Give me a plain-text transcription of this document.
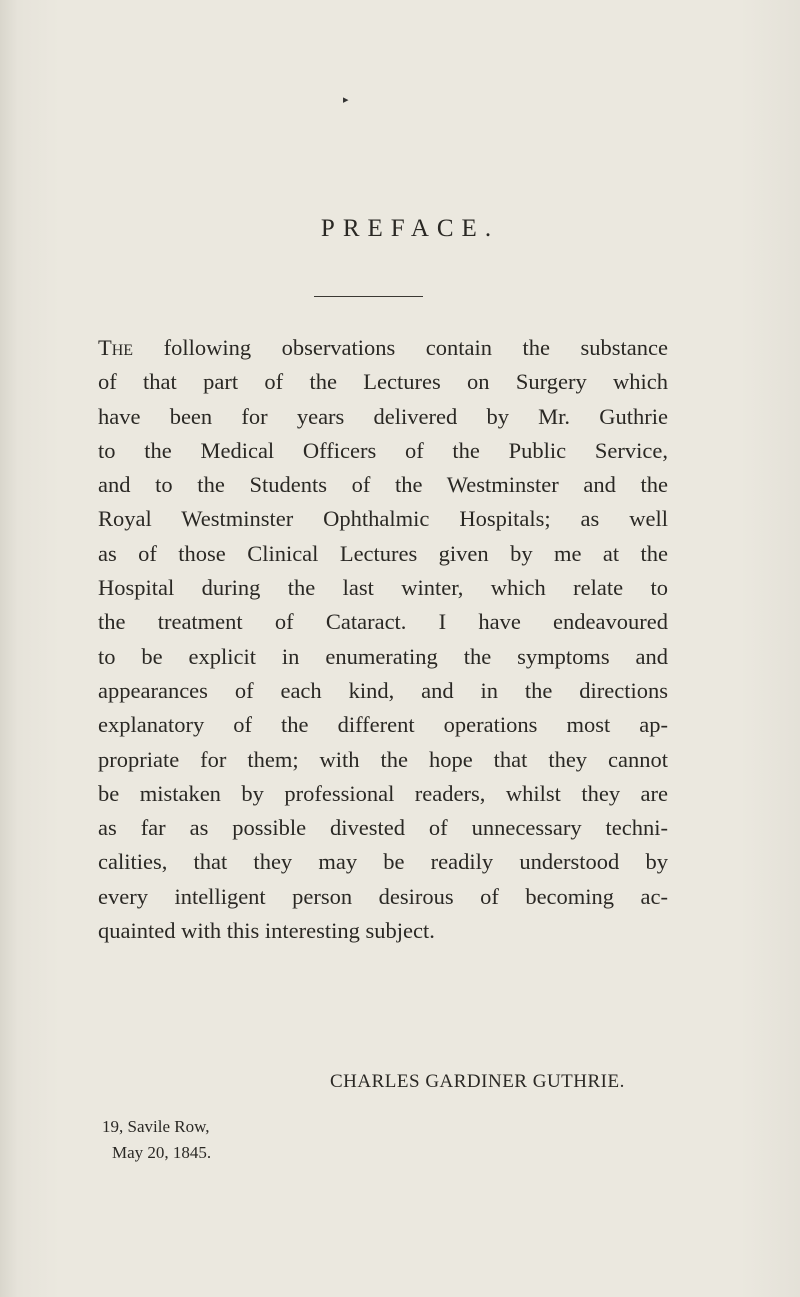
▸
PREFACE.
The following observations contain the substance
of that part of the Lectures on Surgery which
have been for years delivered by Mr. Guthrie
to the Medical Officers of the Public Service,
and to the Students of the Westminster and the
Royal Westminster Ophthalmic Hospitals; as well
as of those Clinical Lectures given by me at the
Hospital during the last winter, which relate to
the treatment of Cataract. I have endeavoured
to be explicit in enumerating the symptoms and
appearances of each kind, and in the directions
explanatory of the different operations most ap-
propriate for them; with the hope that they cannot
be mistaken by professional readers, whilst they are
as far as possible divested of unnecessary techni-
calities, that they may be readily understood by
every intelligent person desirous of becoming ac-
quainted with this interesting subject.
CHARLES GARDINER GUTHRIE.
19, Savile Row,
May 20, 1845.
